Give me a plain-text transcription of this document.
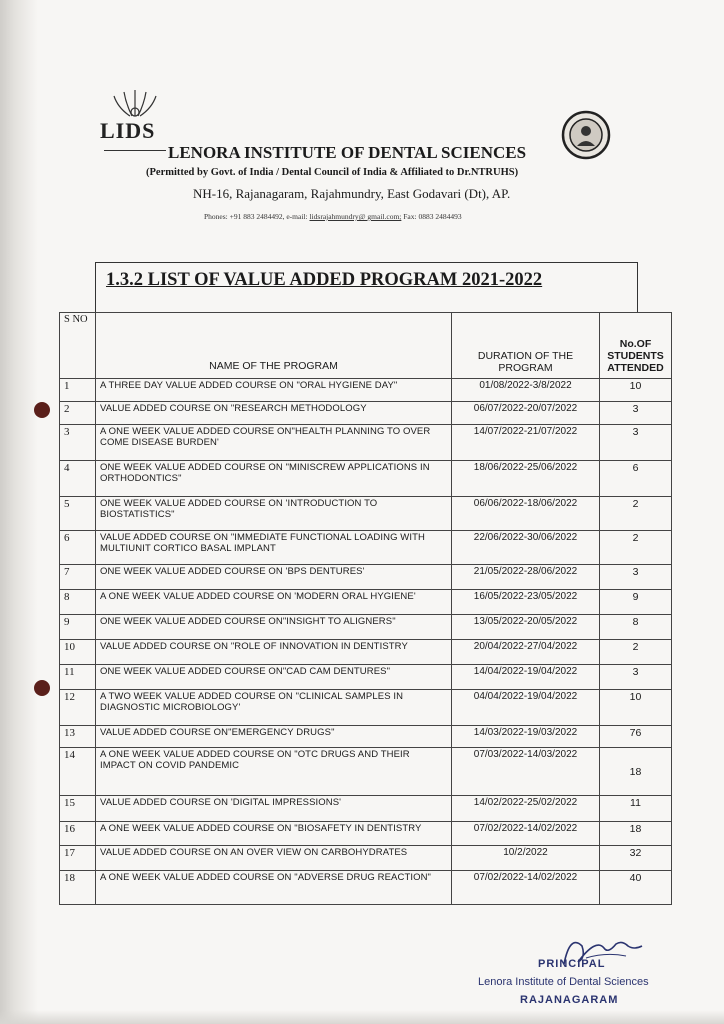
LIDS
LENORA INSTITUTE OF DENTAL SCIENCES
(Permitted by Govt. of India / Dental Council of India & Affiliated to Dr.NTRUHS)
NH-16, Rajanagaram, Rajahmundry, East Godavari (Dt), AP.
Phones: +91 883 2484492, e-mail: lidsrajahmundry@ gmail.com; Fax: 0883 2484493
1.3.2 LIST OF VALUE ADDED PROGRAM 2021-2022
S NO	NAME OF THE PROGRAM	DURATION OF THE PROGRAM	No.OF STUDENTS ATTENDED
1	A THREE DAY VALUE ADDED COURSE ON "ORAL HYGIENE DAY"	01/08/2022-3/8/2022	10
2	VALUE ADDED COURSE ON "RESEARCH METHODOLOGY	06/07/2022-20/07/2022	3
3	A ONE WEEK VALUE ADDED COURSE ON"HEALTH PLANNING TO OVER COME DISEASE BURDEN'	14/07/2022-21/07/2022	3
4	ONE WEEK VALUE ADDED COURSE ON "MINISCREW APPLICATIONS IN ORTHODONTICS"	18/06/2022-25/06/2022	6
5	ONE WEEK VALUE ADDED COURSE ON 'INTRODUCTION TO BIOSTATISTICS"	06/06/2022-18/06/2022	2
6	VALUE ADDED COURSE ON "IMMEDIATE FUNCTIONAL LOADING WITH MULTIUNIT CORTICO BASAL IMPLANT	22/06/2022-30/06/2022	2
7	ONE WEEK VALUE ADDED COURSE ON 'BPS DENTURES'	21/05/2022-28/06/2022	3
8	A ONE WEEK VALUE ADDED COURSE ON 'MODERN ORAL HYGIENE'	16/05/2022-23/05/2022	9
9	ONE WEEK VALUE ADDED COURSE ON"INSIGHT TO ALIGNERS"	13/05/2022-20/05/2022	8
10	VALUE ADDED COURSE ON "ROLE OF INNOVATION IN DENTISTRY	20/04/2022-27/04/2022	2
11	ONE WEEK VALUE ADDED COURSE ON"CAD CAM DENTURES"	14/04/2022-19/04/2022	3
12	A TWO WEEK VALUE ADDED COURSE ON "CLINICAL SAMPLES IN DIAGNOSTIC MICROBIOLOGY'	04/04/2022-19/04/2022	10
13	VALUE ADDED COURSE ON"EMERGENCY DRUGS"	14/03/2022-19/03/2022	76
14	A ONE WEEK VALUE ADDED COURSE ON "OTC DRUGS AND THEIR IMPACT ON COVID PANDEMIC	07/03/2022-14/03/2022	18
15	VALUE ADDED COURSE ON 'DIGITAL IMPRESSIONS'	14/02/2022-25/02/2022	11
16	A ONE WEEK VALUE ADDED COURSE ON "BIOSAFETY IN DENTISTRY	07/02/2022-14/02/2022	18
17	VALUE ADDED COURSE ON AN OVER VIEW ON CARBOHYDRATES	10/2/2022	32
18	A ONE WEEK VALUE ADDED COURSE ON "ADVERSE DRUG REACTION"	07/02/2022-14/02/2022	40
PRINCIPAL
Lenora Institute of Dental Sciences
RAJANAGARAM
